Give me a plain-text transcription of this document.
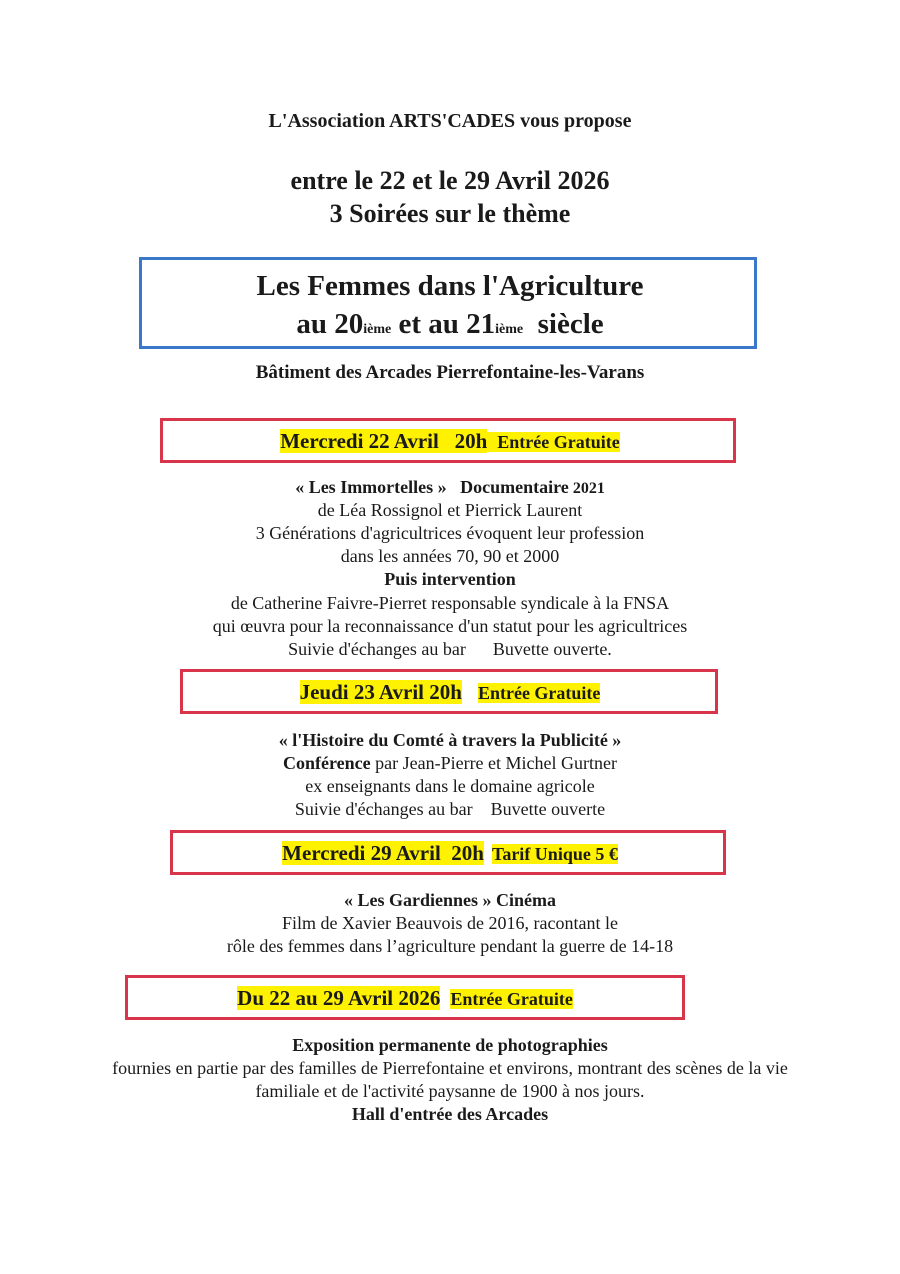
L'Association ARTS'CADES vous propose
entre le 22 et le 29 Avril 2026
3 Soirées sur le thème
Les Femmes dans l'Agriculture
au 20ième et au 21ième  siècle
Bâtiment des Arcades Pierrefontaine-les-Varans
Mercredi 22 Avril   20h Entrée Gratuite
« Les Immortelles »   Documentaire 2021
de Léa Rossignol et Pierrick Laurent
3 Générations d'agricultrices évoquent leur profession
dans les années 70, 90 et 2000
Puis intervention
de Catherine Faivre-Pierret responsable syndicale à la FNSA
qui œuvra pour la reconnaissance d'un statut pour les agricultrices
Suivie d'échanges au bar      Buvette ouverte.
Jeudi 23 Avril 20h Entrée Gratuite
« l'Histoire du Comté à travers la Publicité »
Conférence par Jean-Pierre et Michel Gurtner
ex enseignants dans le domaine agricole
Suivie d'échanges au bar    Buvette ouverte
Mercredi 29 Avril  20h Tarif Unique 5 €
« Les Gardiennes » Cinéma
Film de Xavier Beauvois de 2016, racontant le
rôle des femmes dans l’agriculture pendant la guerre de 14-18
Du 22 au 29 Avril 2026 Entrée Gratuite
Exposition permanente de photographies
fournies en partie par des familles de Pierrefontaine et environs, montrant des scènes de la vie
familiale et de l'activité paysanne de 1900 à nos jours.
Hall d'entrée des Arcades
